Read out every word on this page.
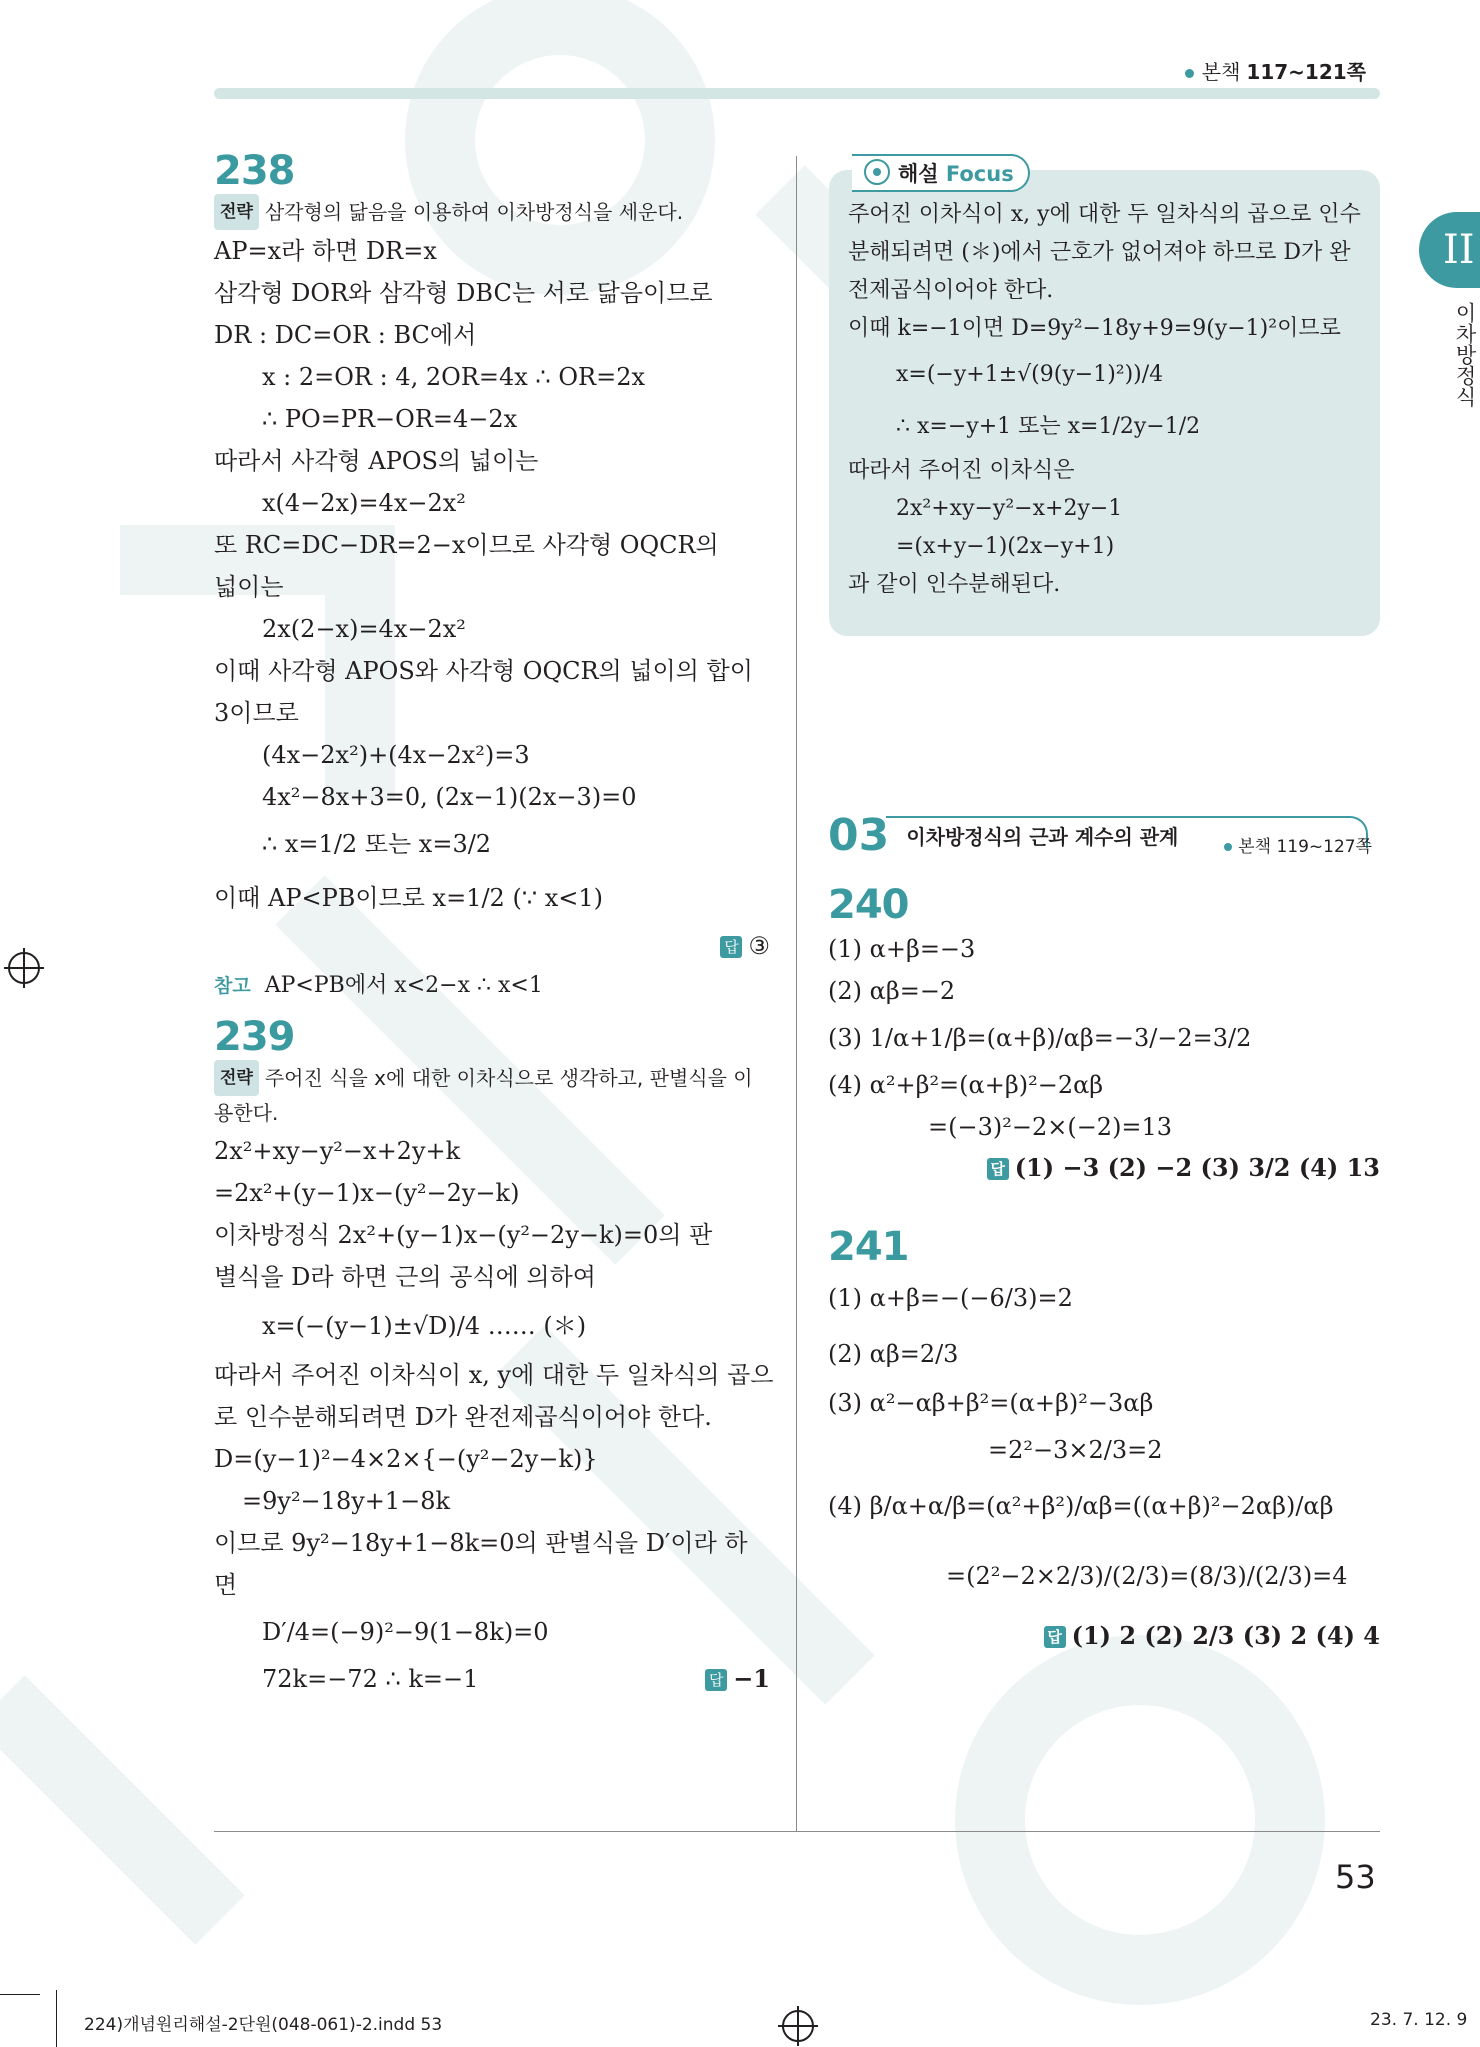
본책 117~121쪽
II
이차방정식
238
전략 삼각형의 닮음을 이용하여 이차방정식을 세운다.
AP=x라 하면 DR=x
삼각형 DOR와 삼각형 DBC는 서로 닮음이므로
DR : DC=OR : BC에서
x : 2=OR : 4, 2OR=4x ∴ OR=2x
∴ PO=PR−OR=4−2x
따라서 사각형 APOS의 넓이는
x(4−2x)=4x−2x²
또 RC=DC−DR=2−x이므로 사각형 OQCR의
넓이는
2x(2−x)=4x−2x²
이때 사각형 APOS와 사각형 OQCR의 넓이의 합이
3이므로
(4x−2x²)+(4x−2x²)=3
4x²−8x+3=0, (2x−1)(2x−3)=0
∴ x=1/2 또는 x=3/2
이때 AP<PB이므로 x=1/2 (∵ x<1)
답 ③
참고 AP<PB에서 x<2−x ∴ x<1
239
전략 주어진 식을 x에 대한 이차식으로 생각하고, 판별식을 이용한다.
2x²+xy−y²−x+2y+k
=2x²+(y−1)x−(y²−2y−k)
이차방정식 2x²+(y−1)x−(y²−2y−k)=0의 판
별식을 D라 하면 근의 공식에 의하여
x=(−(y−1)±√D)/4 …… (＊)
따라서 주어진 이차식이 x, y에 대한 두 일차식의 곱으
로 인수분해되려면 D가 완전제곱식이어야 한다.
D=(y−1)²−4×2×{−(y²−2y−k)}
=9y²−18y+1−8k
이므로 9y²−18y+1−8k=0의 판별식을 D′이라 하
면
D′/4=(−9)²−9(1−8k)=0
72k=−72 ∴ k=−1	답 −1
해설 Focus
주어진 이차식이 x, y에 대한 두 일차식의 곱으로 인수
분해되려면 (＊)에서 근호가 없어져야 하므로 D가 완
전제곱식이어야 한다.
이때 k=−1이면 D=9y²−18y+9=9(y−1)²이므로
x=(−y+1±√(9(y−1)²))/4
∴ x=−y+1 또는 x=1/2y−1/2
따라서 주어진 이차식은
2x²+xy−y²−x+2y−1
=(x+y−1)(2x−y+1)
과 같이 인수분해된다.
03 이차방정식의 근과 계수의 관계	본책 119~127쪽
240
(1) α+β=−3
(2) αβ=−2
(3) 1/α+1/β=(α+β)/αβ=−3/−2=3/2
(4) α²+β²=(α+β)²−2αβ
=(−3)²−2×(−2)=13
답 (1) −3 (2) −2 (3) 3/2 (4) 13
241
(1) α+β=−(−6/3)=2
(2) αβ=2/3
(3) α²−αβ+β²=(α+β)²−3αβ
=2²−3×2/3=2
(4) β/α+α/β=(α²+β²)/αβ=((α+β)²−2αβ)/αβ
=(2²−2×2/3)/(2/3)=(8/3)/(2/3)=4
답 (1) 2 (2) 2/3 (3) 2 (4) 4
53
224)개념원리해설-2단원(048-061)-2.indd 53	23. 7. 12. 9
